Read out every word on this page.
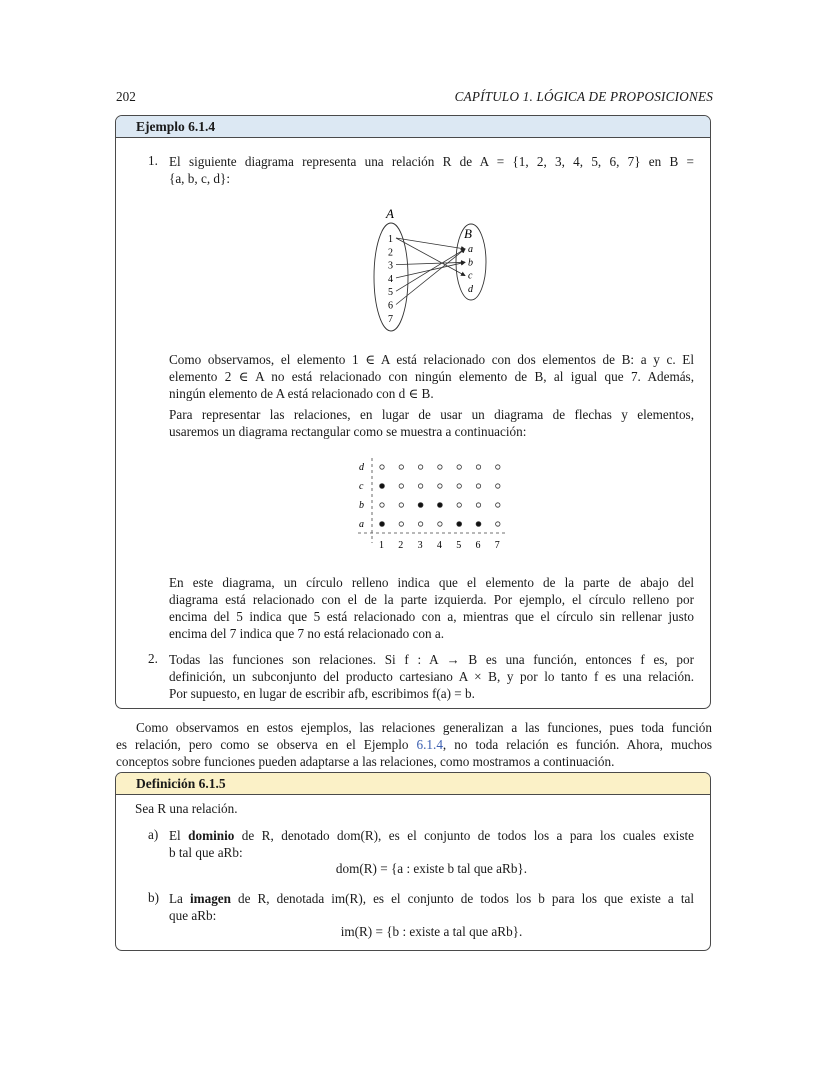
202	CAPÍTULO 1. LÓGICA DE PROPOSICIONES
Ejemplo 6.1.4
1. El siguiente diagrama representa una relación R de A = {1, 2, 3, 4, 5, 6, 7} en B =

{a, b, c, d}:

A
B
1
2
3
4
5
6
7
a
b
c
d

Como observamos, el elemento 1 ∈ A está relacionado con dos elementos de B: a y c. El

elemento 2 ∈ A no está relacionado con ningún elemento de B, al igual que 7. Además,

ningún elemento de A está relacionado con d ∈ B.

Para representar las relaciones, en lugar de usar un diagrama de flechas y elementos,

usaremos un diagrama rectangular como se muestra a continuación:

a
b
c
d
1 2 3 4 5 6 7

En este diagrama, un círculo relleno indica que el elemento de la parte de abajo del

diagrama está relacionado con el de la parte izquierda. Por ejemplo, el círculo relleno por

encima del 5 indica que 5 está relacionado con a, mientras que el círculo sin rellenar justo

encima del 7 indica que 7 no está relacionado con a.

2. Todas las funciones son relaciones. Si f : A → B es una función, entonces f es, por

definición, un subconjunto del producto cartesiano A × B, y por lo tanto f es una relación.

Por supuesto, en lugar de escribir afb, escribimos f(a) = b.

Como observamos en estos ejemplos, las relaciones generalizan a las funciones, pues toda función

es relación, pero como se observa en el Ejemplo 6.1.4, no toda relación es función. Ahora, muchos

conceptos sobre funciones pueden adaptarse a las relaciones, como mostramos a continuación.

Definición 6.1.5

Sea R una relación.

a) El dominio de R, denotado dom(R), es el conjunto de todos los a para los cuales existe

b tal que aRb:

dom(R) = {a : existe b tal que aRb}.

b) La imagen de R, denotada im(R), es el conjunto de todos los b para los que existe a tal

que aRb:

im(R) = {b : existe a tal que aRb}.
